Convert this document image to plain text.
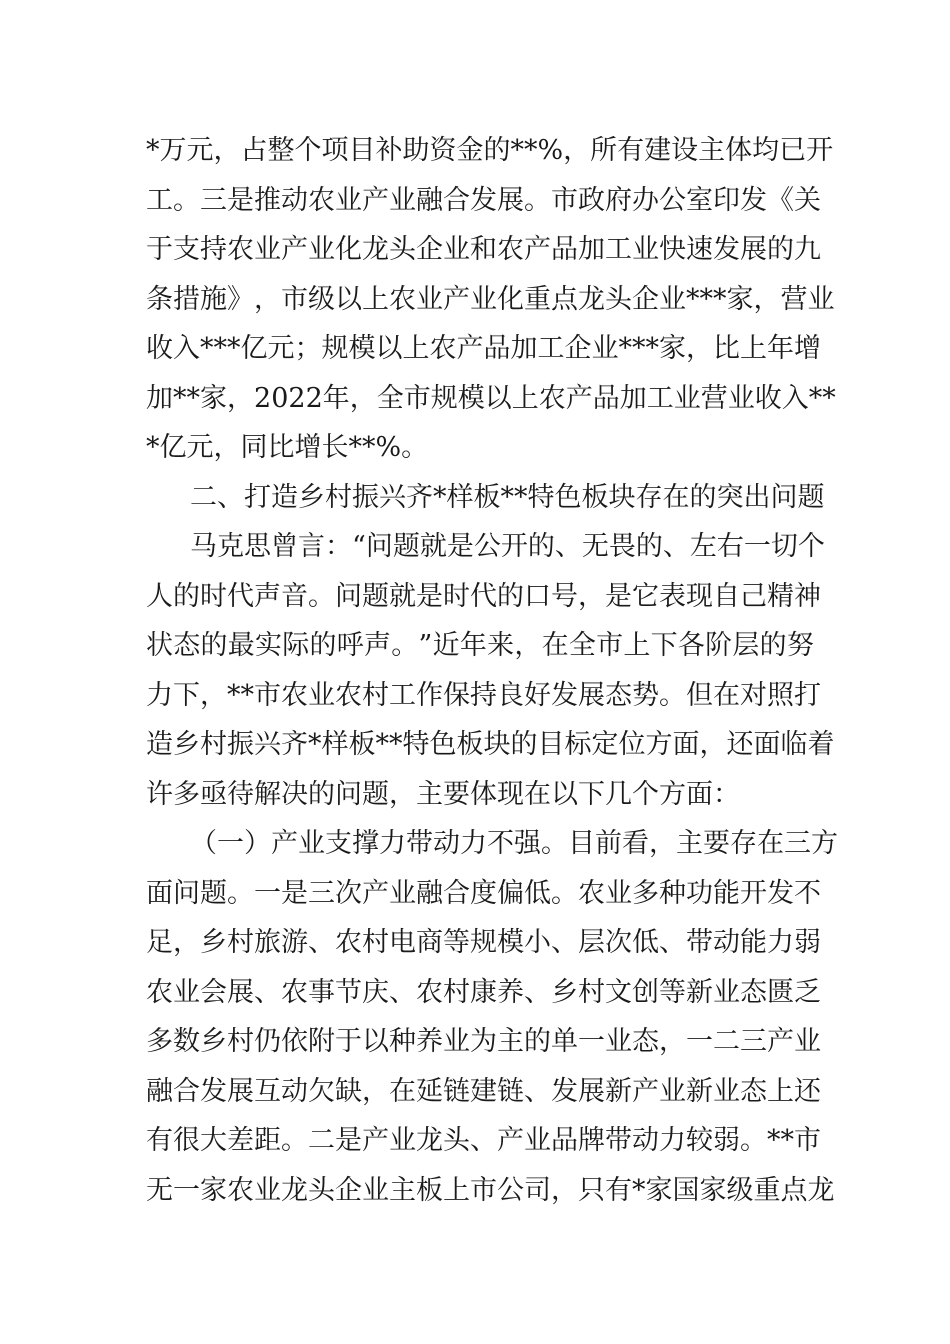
* 万 元 ， 占 整 个 项 目 补 助 资 金 的 * * % ， 所 有 建 设 主 体 均 已 开
工 。 三 是 推 动 农 业 产 业 融 合 发 展 。 市 政 府 办 公 室 印 发 《 关
于 支 持 农 业 产 业 化 龙 头 企 业 和 农 产 品 加 工 业 快 速 发 展 的 九
条 措 施 》 ， 市 级 以 上 农 业 产 业 化 重 点 龙 头 企 业 * * * 家 ， 营 业
收 入 * * * 亿 元 ； 规 模 以 上 农 产 品 加 工 企 业 * * * 家 ， 比 上 年 增
加 * * 家 ， 2 0 2 2 年 ， 全 市 规 模 以 上 农 产 品 加 工 业 营 业 收 入 * *
*亿元，同比增长**%。
二、打造乡村振兴齐*样板**特色板块存在的突出问题
马 克 思 曾 言 ： “ 问 题 就 是 公 开 的 、 无 畏 的 、 左 右 一 切 个
人 的 时 代 声 音 。 问 题 就 是 时 代 的 口 号 ， 是 它 表 现 自 己 精 神
状 态 的 最 实 际 的 呼 声 。 ” 近 年 来 ， 在 全 市 上 下 各 阶 层 的 努
力 下 ， * * 市 农 业 农 村 工 作 保 持 良 好 发 展 态 势 。 但 在 对 照 打
造 乡 村 振 兴 齐 * 样 板 * * 特 色 板 块 的 目 标 定 位 方 面 ， 还 面 临 着
许多亟待解决的问题，主要体现在以下几个方面：
（ 一 ） 产 业 支 撑 力 带 动 力 不 强 。 目 前 看 ， 主 要 存 在 三 方
面 问 题 。 一 是 三 次 产 业 融 合 度 偏 低 。 农 业 多 种 功 能 开 发 不
足 ， 乡 村 旅 游 、 农 村 电 商 等 规 模 小 、 层 次 低 、 带 动 能 力 弱
农 业 会 展 、 农 事 节 庆 、 农 村 康 养 、 乡 村 文 创 等 新 业 态 匮 乏
多 数 乡 村 仍 依 附 于 以 种 养 业 为 主 的 单 一 业 态 ， 一 二 三 产 业
融 合 发 展 互 动 欠 缺 ， 在 延 链 建 链 、 发 展 新 产 业 新 业 态 上 还
有 很 大 差 距 。 二 是 产 业 龙 头 、 产 业 品 牌 带 动 力 较 弱 。 * * 市
无 一 家 农 业 龙 头 企 业 主 板 上 市 公 司 ， 只 有 * 家 国 家 级 重 点 龙
